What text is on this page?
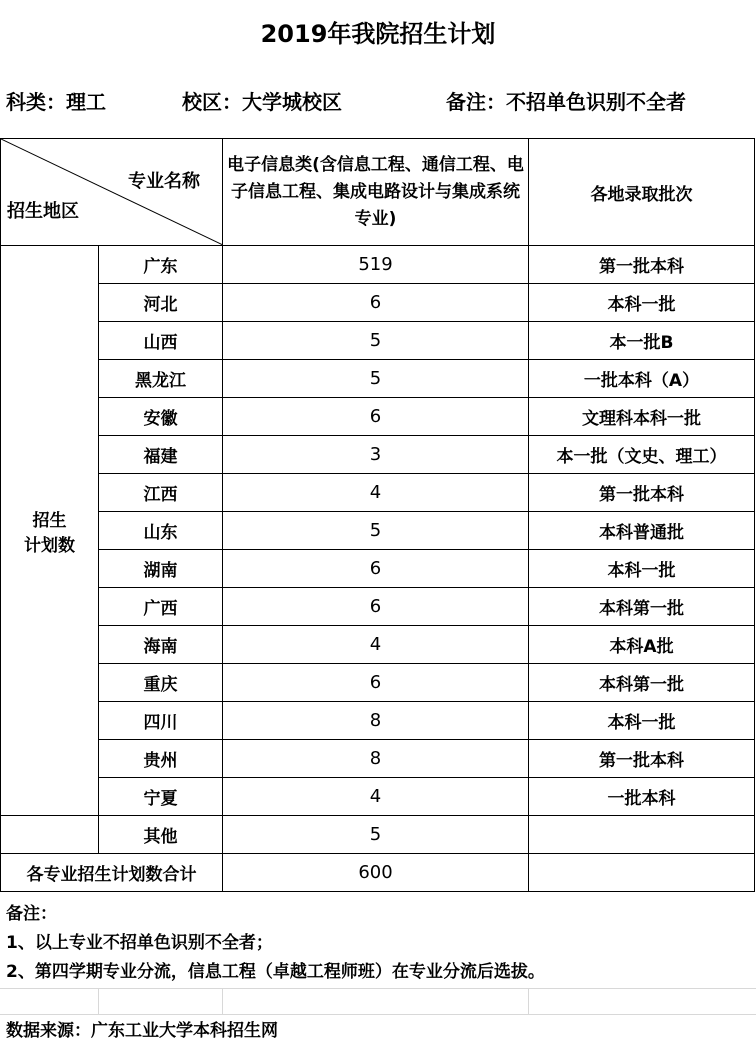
2019年我院招生计划
科类：理工	校区：大学城校区	备注：不招单色识别不全者
专业名称
招生地区		电子信息类(含信息工程、通信工程、电子信息工程、集成电路设计与集成系统专业)	各地录取批次

招生
计划数	广东	519	第一批本科
	河北	6	本科一批
	山西	5	本一批B
	黑龙江	5	一批本科（A）
	安徽	6	文理科本科一批
	福建	3	本一批（文史、理工）
	江西	4	第一批本科
	山东	5	本科普通批
	湖南	6	本科一批
	广西	6	本科第一批
	海南	4	本科A批
	重庆	6	本科第一批
	四川	8	本科一批
	贵州	8	第一批本科
	宁夏	4	一批本科
	其他	5	
各专业招生计划数合计		600	
备注：
1、以上专业不招单色识别不全者；
2、第四学期专业分流，信息工程（卓越工程师班）在专业分流后选拔。
数据来源：广东工业大学本科招生网
